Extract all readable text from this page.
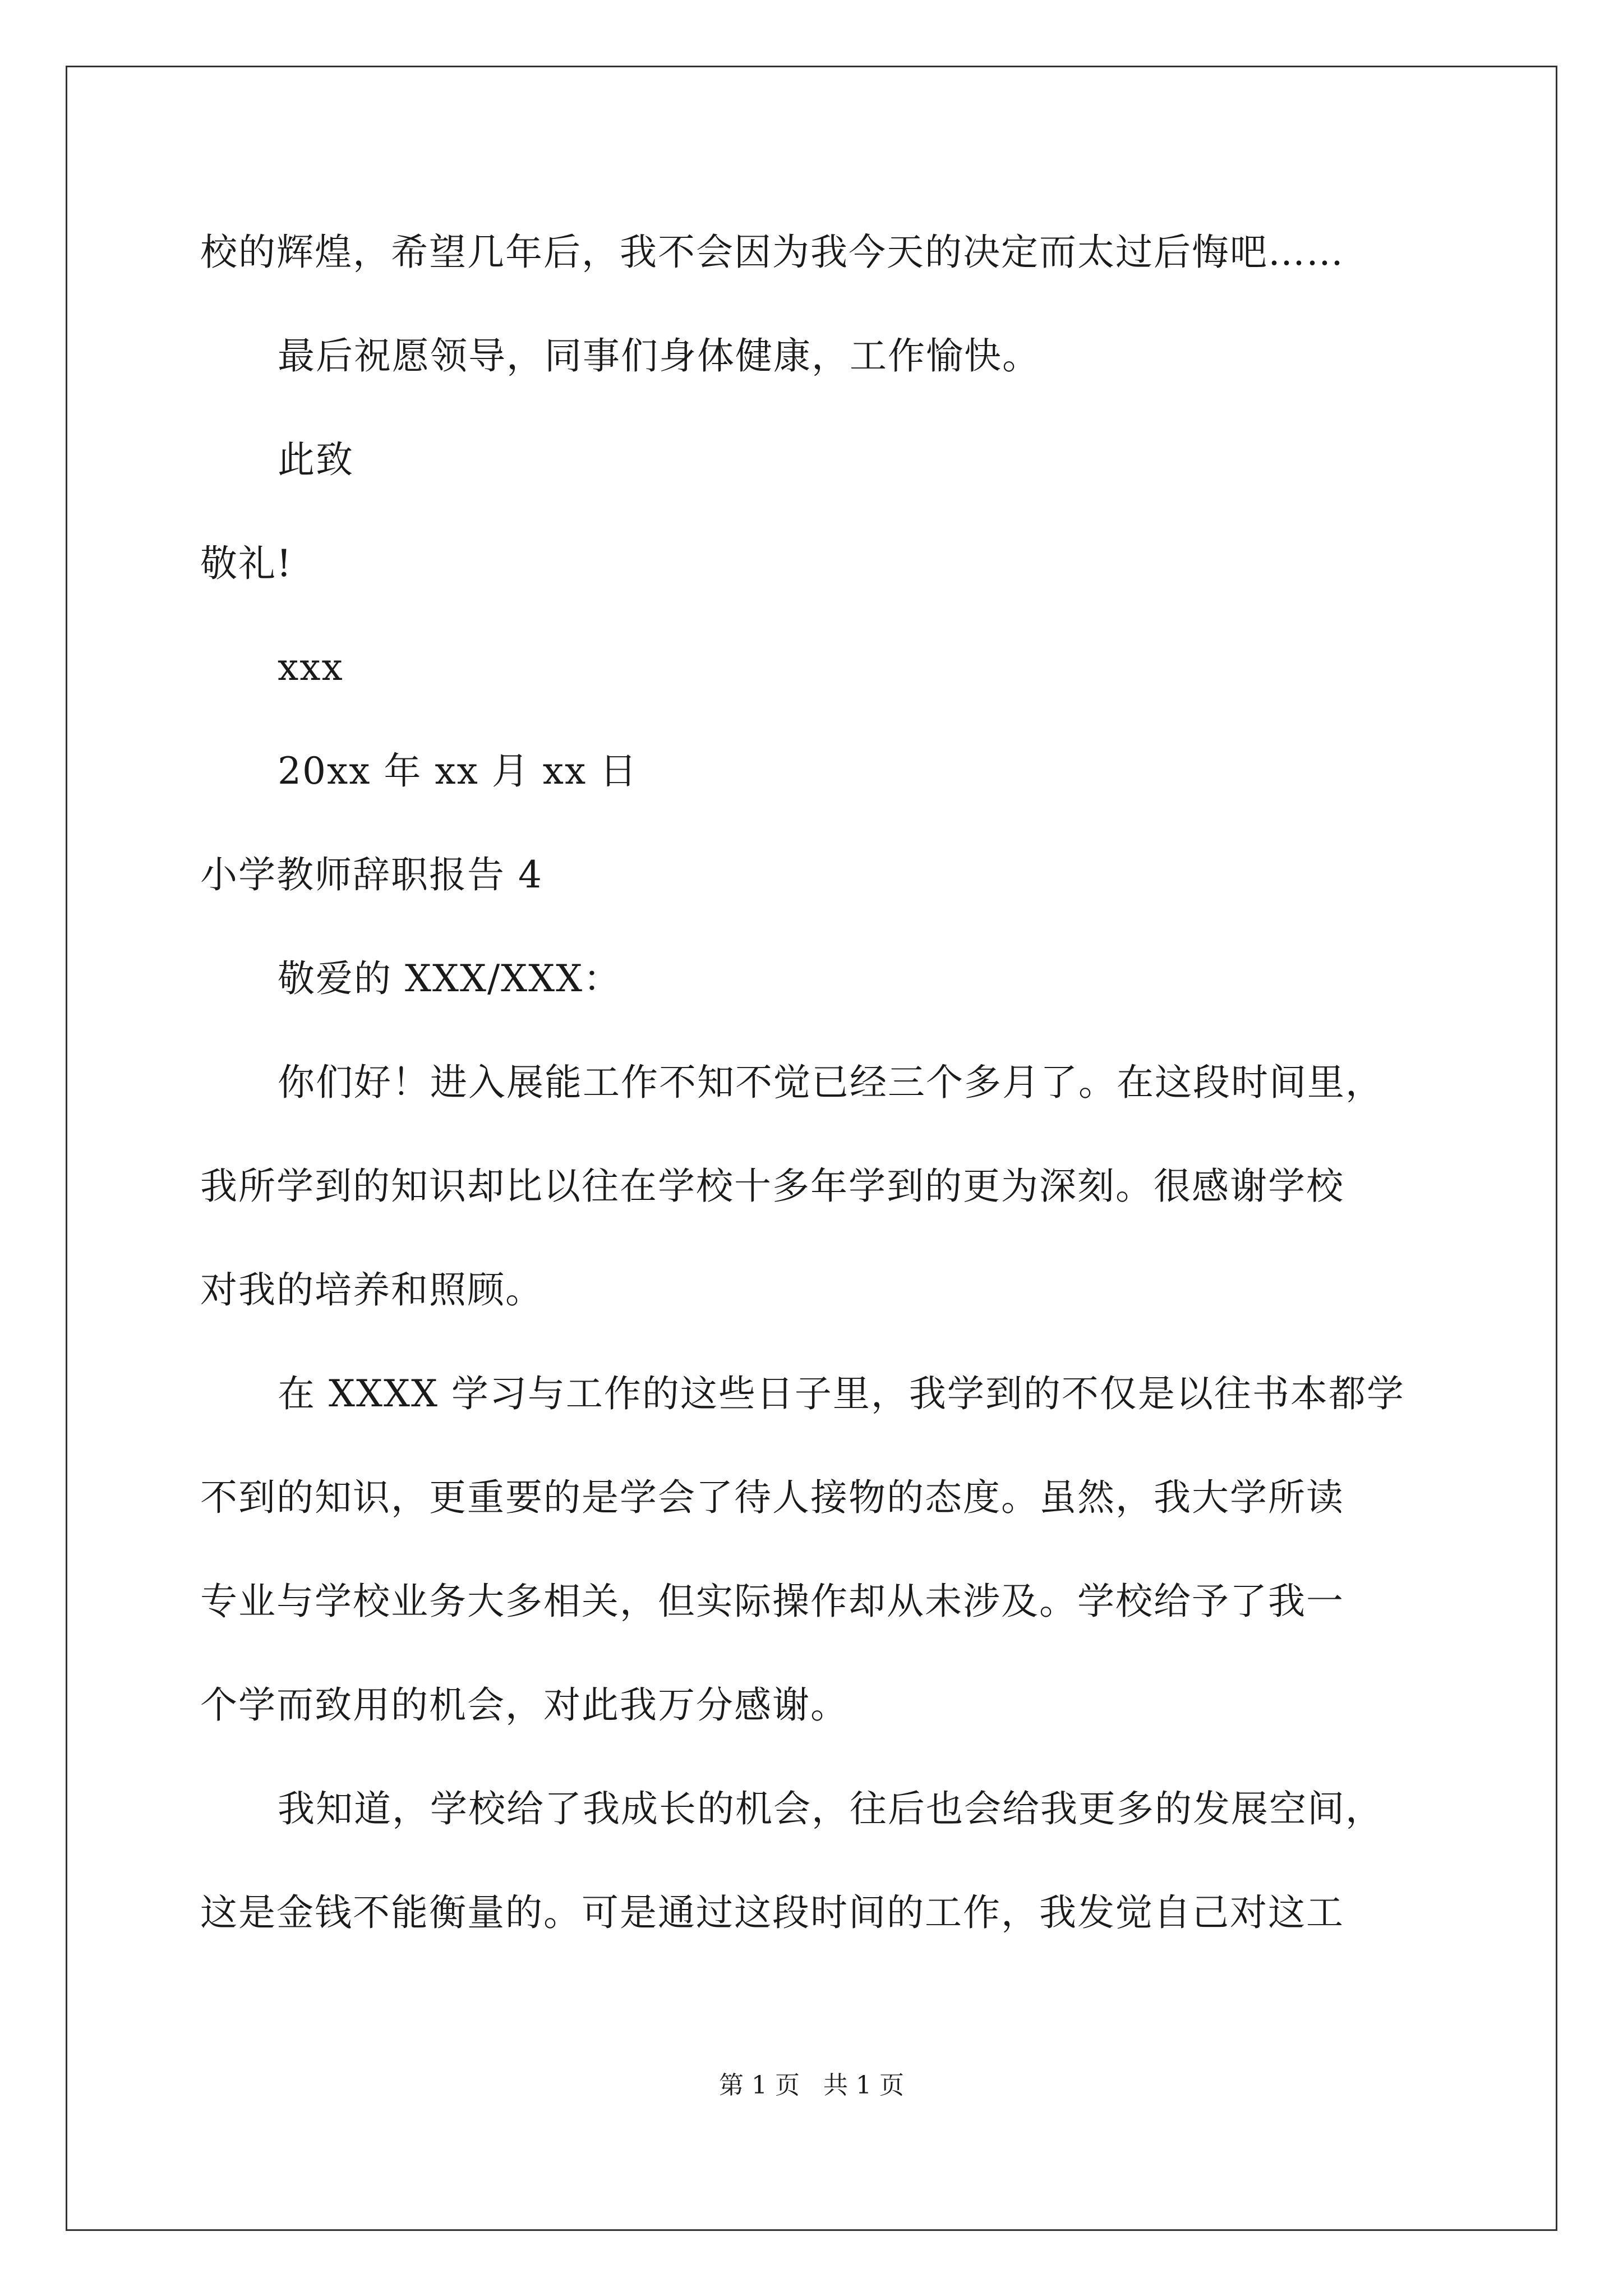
校的辉煌，希望几年后，我不会因为我今天的决定而太过后悔吧……
最后祝愿领导，同事们身体健康，工作愉快。
此致
敬礼!
xxx
20xx 年 xx 月 xx 日
小学教师辞职报告 4
敬爱的 XXX/XXX：
你们好！进入展能工作不知不觉已经三个多月了。在这段时间里，
我所学到的知识却比以往在学校十多年学到的更为深刻。很感谢学校
对我的培养和照顾。
在 XXXX 学习与工作的这些日子里，我学到的不仅是以往书本都学
不到的知识，更重要的是学会了待人接物的态度。虽然，我大学所读
专业与学校业务大多相关，但实际操作却从未涉及。学校给予了我一
个学而致用的机会，对此我万分感谢。
我知道，学校给了我成长的机会，往后也会给我更多的发展空间，
这是金钱不能衡量的。可是通过这段时间的工作，我发觉自己对这工
第 1 页   共 1 页
